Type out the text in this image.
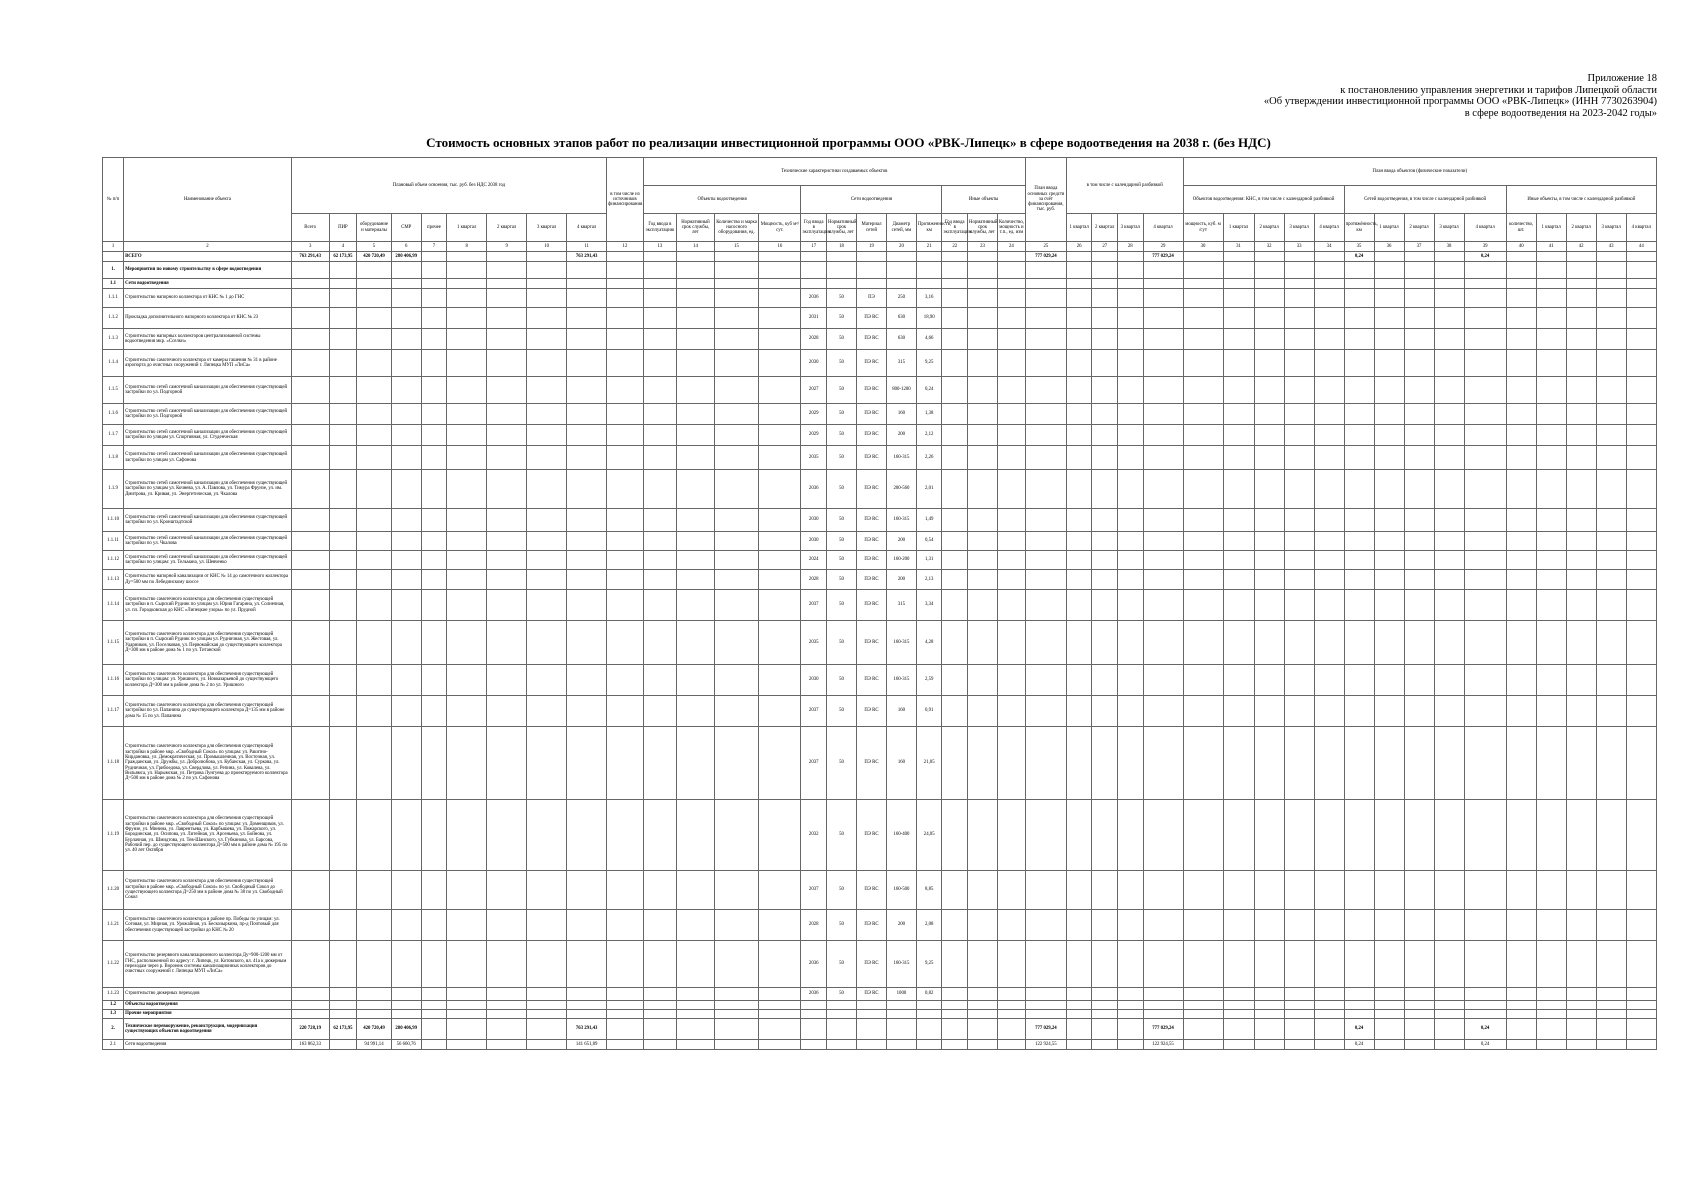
Приложение 18
к постановлению управления энергетики и тарифов Липецкой области
«Об утверждении инвестиционной программы ООО «РВК-Липецк» (ИНН 7730263904)
в сфере водоотведения на 2023-2042 годы»
Стоимость основных этапов работ по реализации инвестиционной программы ООО «РВК-Липецк» в сфере водоотведения на 2038 г. (без НДС)
№ п/п	Наименование объекта	Плановый объем освоения, тыс. руб. без НДС 2038 год									в том числе из источников финансирования	Технические характеристики создаваемых объектов												План ввода основных средств за счёт финансирования, тыс. руб.	в том числе с календарной разбивкой				План ввода объектов (физические показатели)														
												Объекты водоотведения				Сети водоотведения					Иные объекты								Объектов водоотведения: КНС, в том числе с календарной разбивкой					Сетей водоотведения, в том числе с календарной разбивкой					Иные объекты, в том числе с календарной разбивкой				
		Всего	ПИР	оборудование и материалы	СМР	прочее	1 квартал	2 квартал	3 квартал	4 квартал		Год ввода в эксплуатацию	Нормативный срок службы, лет	Количество и марка насосного оборудования, ед.	Мощность, куб м³/сут.	Год ввода в эксплуатацию	Нормативный срок службы, лет	Материал сетей	Диаметр сетей, мм	Протяженность, км	Год ввода в эксплуатацию	Нормативный срок службы, лет	Количество, мощность и т.п., ед. изм		1 квартал	2 квартал	3 квартал	4 квартал	мощность, куб. м /сут	1 квартал	2 квартал	3 квартал	4 квартал	протяжённость, км	1 квартал	2 квартал	3 квартал	4 квартал	количество, шт.	1 квартал	2 квартал	3 квартал	4 квартал
1	2	3	4	5	6	7	8	9	10	11	12	13	14	15	16	17	18	19	20	21	22	23	24	25	26	27	28	29	30	31	32	33	34	35	36	37	38	39	40	41	42	43	44
	ВСЕГО	763 291,43	62 173,95	420 720,49	280 406,99					763 291,43														777 029,24				777 029,24						0,24				0,24					
1.	Мероприятия по новому строительству в сфере водоотведения																																										
1.1	Сети водоотведения																																										
1.1.1	Строительство напорного коллектора от КНС № 1 до ГНС															2036	50	ПЭ	250	3,16																							
1.1.2	Прокладка дополнительного напорного коллектора от КНС № 23															2031	50	ПЭ RC	630	18,90																							
1.1.3	Строительство напорных коллекторов централизованной системы водоотведения мкр. «Сселки»															2028	50	ПЭ RC	630	4,66																							
1.1.4	Строительство самотечного коллектора от камеры гашения № 31 в районе аэропорта до очистных сооружений г. Липецка МУП «ЛиСа»															2030	50	ПЭ RC	315	9,25																							
1.1.5	Строительство сетей самотечной канализации для обеспечения существующей застройки по ул. Подгорной															2027	50	ПЭ RC	800-1200	0,24																							
1.1.6	Строительство сетей самотечной канализации для обеспечения существующей застройки по ул. Подгорной															2029	50	ПЭ RC	160	1,38																							
1.1.7	Строительство сетей самотечной канализации для обеспечения существующей застройки по улицам ул. Спортивная, ул. Студенческая															2029	50	ПЭ RC	200	2,12																							
1.1.8	Строительство сетей самотечной канализации для обеспечения существующей застройки по улицам ул. Сафонова															2035	50	ПЭ RC	160-315	2,26																							
1.1.9	Строительство сетей самотечной канализации для обеспечения существующей застройки по улицам ул. Кочнева, ул. А. Павлова, ул. Тимура Фрунзе, ул. им. Дмитрова, ул. Кривая, ул. Энергетическая, ул. Чкалова															2036	50	ПЭ RC	200-560	2,01																							
1.1.10	Строительство сетей самотечной канализации для обеспечения существующей застройки по ул. Кронштадтской															2030	50	ПЭ RC	160-315	1,49																							
1.1.11	Строительство сетей самотечной канализации для обеспечения существующей застройки по ул. Чкалова															2030	50	ПЭ RC	200	0,54																							
1.1.12	Строительство сетей самотечной канализации для обеспечения существующей застройки по улицам: ул. Тельмана, ул. Шевченко															2024	50	ПЭ RC	160-200	1,31																							
1.1.13	Строительство напорной канализации от КНС № 14 до самотечного коллектора Ду=500 мм по Лебединскому шоссе															2028	50	ПЭ RC	200	2,13																							
1.1.14	Строительство самотечного коллектора для обеспечения существующей застройки в п. Сырский Рудник по улицам ул. Юрия Гагарина, ул. Солнечная, ул. пл. Городковская до КНС «Липецкие узоры» по ул. Прудной															2037	50	ПЭ RC	315	3,34																							
1.1.15	Строительство самотечного коллектора для обеспечения существующей застройки в п. Сырский Рудник по улицам ул. Рудничная, ул. Жестовая, ул. Ударников, ул. Поселковая, ул. Первомайская до существующего коллектора Д=300 мм в районе дома № 1 по ул. Титанской															2035	50	ПЭ RC	160-315	4,28																							
1.1.16	Строительство самотечного коллектора для обеспечения существующей застройки по улицам: ул. Уришного, ул. Новоазарьевой до существующего коллектора Д=300 мм в районе дома № 2 по ул. Уришного															2030	50	ПЭ RC	160-315	2,59																							
1.1.17	Строительство самотечного коллектора для обеспечения существующей застройки по ул. Папанина до существующего коллектора Д=135 мм в районе дома № 15 по ул. Папанина															2037	50	ПЭ RC	160	0,91																							
1.1.18	Строительство самотечного коллектора для обеспечения существующей застройки в районе мкр. «Свободный Сокол» по улицам: ул. Ракитно-Кирдановка, ул. Демократическая, ул. Промышленная, ул. Восточная, ул. Гражданская, ул. Дружбы, ул. Добролюбова, ул. Кубанская, ул. Суркова, ул. Рудничная, ул. Грибоедова, ул. Свердлова, ул. Репина, ул. Ковалева, ул. Вильямса, ул. Нарымская, ул. Петрова Лунгуева до проектируемого коллектора Д=500 мм в районе дома № 2 по ул. Сафонова															2037	50	ПЭ RC	160	21,05																							
1.1.19	Строительство самотечного коллектора для обеспечения существующей застройки в районе мкр. «Свободный Сокол» по улицам: ул. Доменщиков, ул. Фрунзе, ул. Минина, ул. Лаврентьева, ул. Карбышева, ул. Пожарского, ул. Бородинская, ул. Осипова, ул. Литейная, ул. Арсеньева, ул. Бойнова, ул. Бурлачная, ул. Шмидтова, ул. Тев-Шанского, ул. Губкинова, ул. Барсова, Рабочий пер. до существующего коллектора Д=500 мм в районе дома № 195 по ул. 40 лет Октября															2032	50	ПЭ RC	160-400	24,05																							
1.1.20	Строительство самотечного коллектора для обеспечения существующей застройки в районе мкр. «Свободный Сокол» по ул. Свободный Сокол до существующего коллектора Д=250 мм в районе дома № 38 по ул. Свободный Сокол															2037	50	ПЭ RC	160-500	8,85																							
1.1.21	Строительство самотечного коллектора в районе пр. Победы по улицам: ул. Сотовая, ул. Мирная, ул. Урожайная, ул. Бескозыркина, пр-д Почтовый для обеспечения существующей застройки до КНС № 20															2028	50	ПЭ RC	200	2,08																							
1.1.22	Строительство резервного канализационного коллектора Ду=900-1200 мм от ГНС, расположенной по адресу: г. Липецк, ул. Котовского, вл. 41а к дюкерным переходам через р. Воронеж системы канализационных коллекторов до очистных сооружений г. Липецка МУП «ЛиСа»															2036	50	ПЭ RC	160-315	9,25																							
1.1.23	Строительство дюкерных переходов															2036	50	ПЭ RC	1000	0,82																							
1.2	Объекты водоотведения																																										
1.3	Прочие мероприятия																																										
2.	Техническое перевооружение, реконструкция, модернизация существующих объектов водоотведения	220 728,19	62 173,95	420 720,49	280 406,99					763 291,43														777 029,24				777 029,24						0,24				0,24					
2.1	Сети водоотведения	163 862,33		94 991,14	56 660,76					141 651,89														122 924,55				122 924,55						0,24				0,24					
